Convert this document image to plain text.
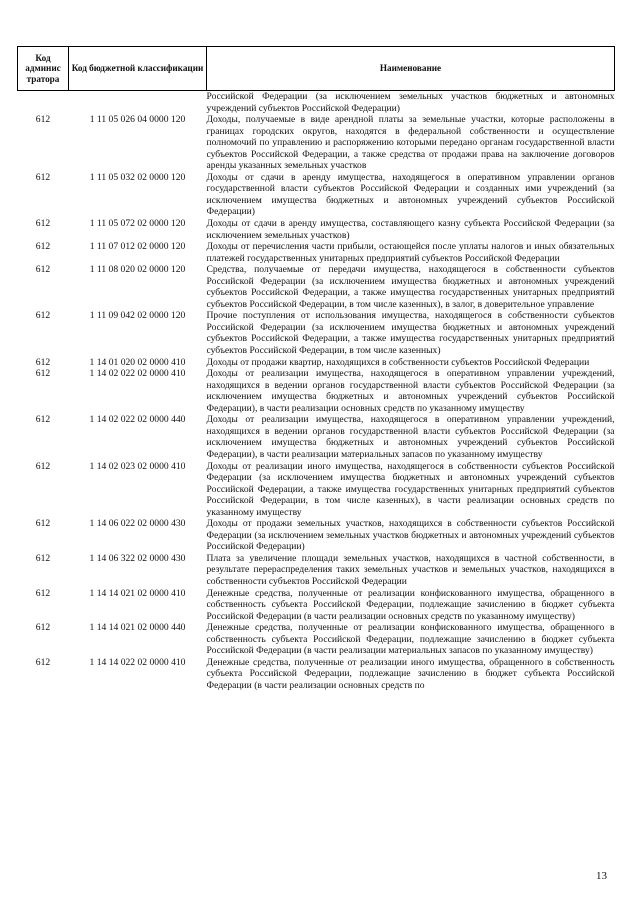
Код админис тратора	Код бюджетной классификации	Наименование
		Российской Федерации (за исключением земельных участков бюджетных и автономных учреждений субъектов Российской Федерации)
612	1 11 05 026 04 0000 120	Доходы, получаемые в виде арендной платы за земельные участки, которые расположены в границах городских округов, находятся в федеральной собственности и осуществление полномочий по управлению и распоряжению которыми передано органам государственной власти субъектов Российской Федерации, а также средства от продажи права на заключение договоров аренды указанных земельных участков
612	1 11 05 032 02 0000 120	Доходы от сдачи в аренду имущества, находящегося в оперативном управлении органов государственной власти субъектов Российской Федерации и созданных ими учреждений (за исключением имущества бюджетных и автономных учреждений субъектов Российской Федерации)
612	1 11 05 072 02 0000 120	Доходы от сдачи в аренду имущества, составляющего казну субъекта Российской Федерации (за исключением земельных участков)
612	1 11 07 012 02 0000 120	Доходы от перечисления части прибыли, остающейся после уплаты налогов и иных обязательных платежей государственных унитарных предприятий субъектов Российской Федерации
612	1 11 08 020 02 0000 120	Средства, получаемые от передачи имущества, находящегося в собственности субъектов Российской Федерации (за исключением имущества бюджетных и автономных учреждений субъектов Российской Федерации, а также имущества государственных унитарных предприятий субъектов Российской Федерации, в том числе казенных), в залог, в доверительное управление
612	1 11 09 042 02 0000 120	Прочие поступления от использования имущества, находящегося в собственности субъектов Российской Федерации (за исключением имущества бюджетных и автономных учреждений субъектов Российской Федерации, а также имущества государственных унитарных предприятий субъектов Российской Федерации, в том числе казенных)
612	1 14 01 020 02 0000 410	Доходы от продажи квартир, находящихся в собственности субъектов Российской Федерации
612	1 14 02 022 02 0000 410	Доходы от реализации имущества, находящегося в оперативном управлении учреждений, находящихся в ведении органов государственной власти субъектов Российской Федерации (за исключением имущества бюджетных и автономных учреждений субъектов Российской Федерации), в части реализации основных средств по указанному имуществу
612	1 14 02 022 02 0000 440	Доходы от реализации имущества, находящегося в оперативном управлении учреждений, находящихся в ведении органов государственной власти субъектов Российской Федерации (за исключением имущества бюджетных и автономных учреждений субъектов Российской Федерации), в части реализации материальных запасов по указанному имуществу
612	1 14 02 023 02 0000 410	Доходы от реализации иного имущества, находящегося в собственности субъектов Российской Федерации (за исключением имущества бюджетных и автономных учреждений субъектов Российской Федерации, а также имущества государственных унитарных предприятий субъектов Российской Федерации, в том числе казенных), в части реализации основных средств по указанному имуществу
612	1 14 06 022 02 0000 430	Доходы от продажи земельных участков, находящихся в собственности субъектов Российской Федерации (за исключением земельных участков бюджетных и автономных учреждений субъектов Российской Федерации)
612	1 14 06 322 02 0000 430	Плата за увеличение площади земельных участков, находящихся в частной собственности, в результате перераспределения таких земельных участков и земельных участков, находящихся в собственности субъектов Российской Федерации
612	1 14 14 021 02 0000 410	Денежные средства, полученные от реализации конфискованного имущества, обращенного в собственность субъекта Российской Федерации, подлежащие зачислению в бюджет субъекта Российской Федерации (в части реализации основных средств по указанному имуществу)
612	1 14 14 021 02 0000 440	Денежные средства, полученные от реализации конфискованного имущества, обращенного в собственность субъекта Российской Федерации, подлежащие зачислению в бюджет субъекта Российской Федерации (в части реализации материальных запасов по указанному имуществу)
612	1 14 14 022 02 0000 410	Денежные средства, полученные от реализации иного имущества, обращенного в собственность субъекта Российской Федерации, подлежащие зачислению в бюджет субъекта Российской Федерации (в части реализации основных средств по
13
